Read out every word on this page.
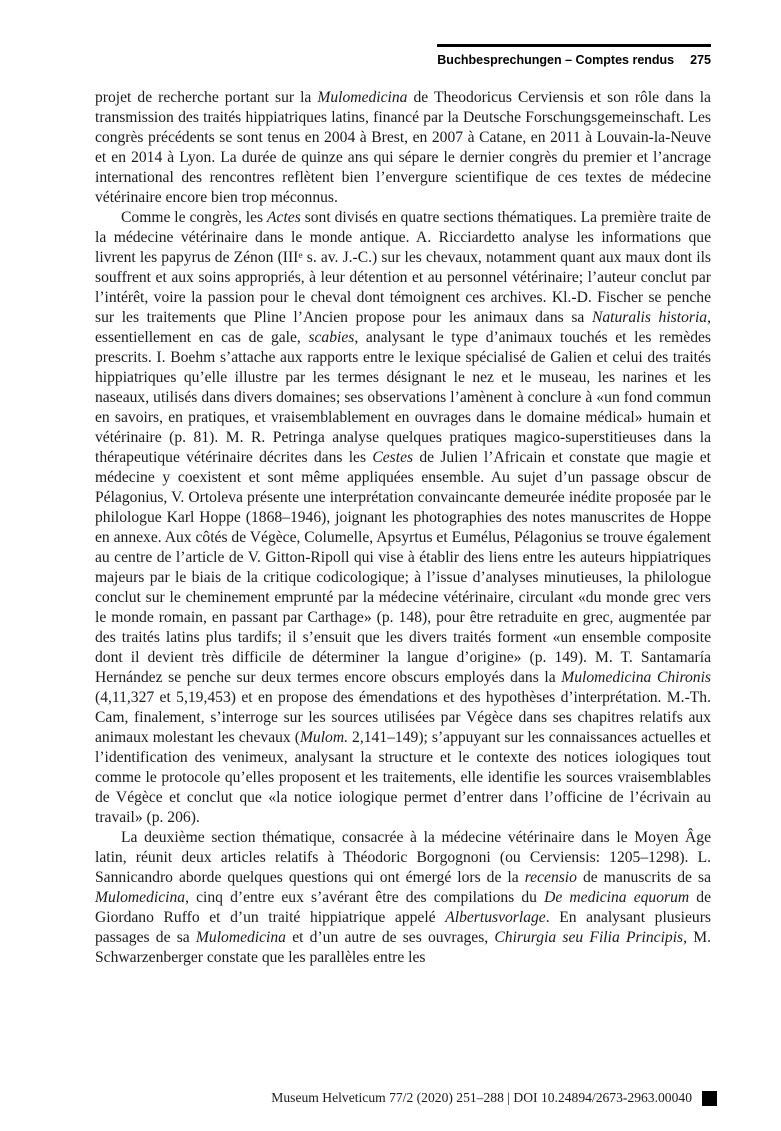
Buchbesprechungen – Comptes rendus 275

projet de recherche portant sur la Mulomedicina de Theodoricus Cerviensis et son rôle dans la transmission des traités hippiatriques latins, financé par la Deutsche Forschungsgemeinschaft. Les congrès précédents se sont tenus en 2004 à Brest, en 2007 à Catane, en 2011 à Louvain-la-Neuve et en 2014 à Lyon. La durée de quinze ans qui sépare le dernier congrès du premier et l’ancrage international des rencontres reflètent bien l’envergure scientifique de ces textes de médecine vétérinaire encore bien trop méconnus.

Comme le congrès, les Actes sont divisés en quatre sections thématiques. La première traite de la médecine vétérinaire dans le monde antique. A. Ricciardetto analyse les informations que livrent les papyrus de Zénon (IIIe s. av. J.-C.) sur les chevaux, notamment quant aux maux dont ils souffrent et aux soins appropriés, à leur détention et au personnel vétérinaire; l’auteur conclut par l’intérêt, voire la passion pour le cheval dont témoignent ces archives. Kl.-D. Fischer se penche sur les traitements que Pline l’Ancien propose pour les animaux dans sa Naturalis historia, essentiellement en cas de gale, scabies, analysant le type d’animaux touchés et les remèdes prescrits. I. Boehm s’attache aux rapports entre le lexique spécialisé de Galien et celui des traités hippiatriques qu’elle illustre par les termes désignant le nez et le museau, les narines et les naseaux, utilisés dans divers domaines; ses observations l’amènent à conclure à «un fond commun en savoirs, en pratiques, et vraisemblablement en ouvrages dans le domaine médical» humain et vétérinaire (p. 81). M. R. Petringa analyse quelques pratiques magico-superstitieuses dans la thérapeutique vétérinaire décrites dans les Cestes de Julien l’Africain et constate que magie et médecine y coexistent et sont même appliquées ensemble. Au sujet d’un passage obscur de Pélagonius, V. Ortoleva présente une interprétation convaincante demeurée inédite proposée par le philologue Karl Hoppe (1868–1946), joignant les photographies des notes manuscrites de Hoppe en annexe. Aux côtés de Végèce, Columelle, Apsyrtus et Eumélus, Pélagonius se trouve également au centre de l’article de V. Gitton-Ripoll qui vise à établir des liens entre les auteurs hippiatriques majeurs par le biais de la critique codicologique; à l’issue d’analyses minutieuses, la philologue conclut sur le cheminement emprunté par la médecine vétérinaire, circulant «du monde grec vers le monde romain, en passant par Carthage» (p. 148), pour être retraduite en grec, augmentée par des traités latins plus tardifs; il s’ensuit que les divers traités forment «un ensemble composite dont il devient très difficile de déterminer la langue d’origine» (p. 149). M. T. Santamaría Hernández se penche sur deux termes encore obscurs employés dans la Mulomedicina Chironis (4,11,327 et 5,19,453) et en propose des émendations et des hypothèses d’interprétation. M.-Th. Cam, finalement, s’interroge sur les sources utilisées par Végèce dans ses chapitres relatifs aux animaux molestant les chevaux (Mulom. 2,141–149); s’appuyant sur les connaissances actuelles et l’identification des venimeux, analysant la structure et le contexte des notices iologiques tout comme le protocole qu’elles proposent et les traitements, elle identifie les sources vraisemblables de Végèce et conclut que «la notice iologique permet d’entrer dans l’officine de l’écrivain au travail» (p. 206).

La deuxième section thématique, consacrée à la médecine vétérinaire dans le Moyen Âge latin, réunit deux articles relatifs à Théodoric Borgognoni (ou Cerviensis: 1205–1298). L. Sannicandro aborde quelques questions qui ont émergé lors de la recensio de manuscrits de sa Mulomedicina, cinq d’entre eux s’avérant être des compilations du De medicina equorum de Giordano Ruffo et d’un traité hippiatrique appelé Albertusvorlage. En analysant plusieurs passages de sa Mulomedicina et d’un autre de ses ouvrages, Chirurgia seu Filia Principis, M. Schwarzenberger constate que les parallèles entre les

Museum Helveticum 77/2 (2020) 251–288 | DOI 10.24894/2673-2963.00040
